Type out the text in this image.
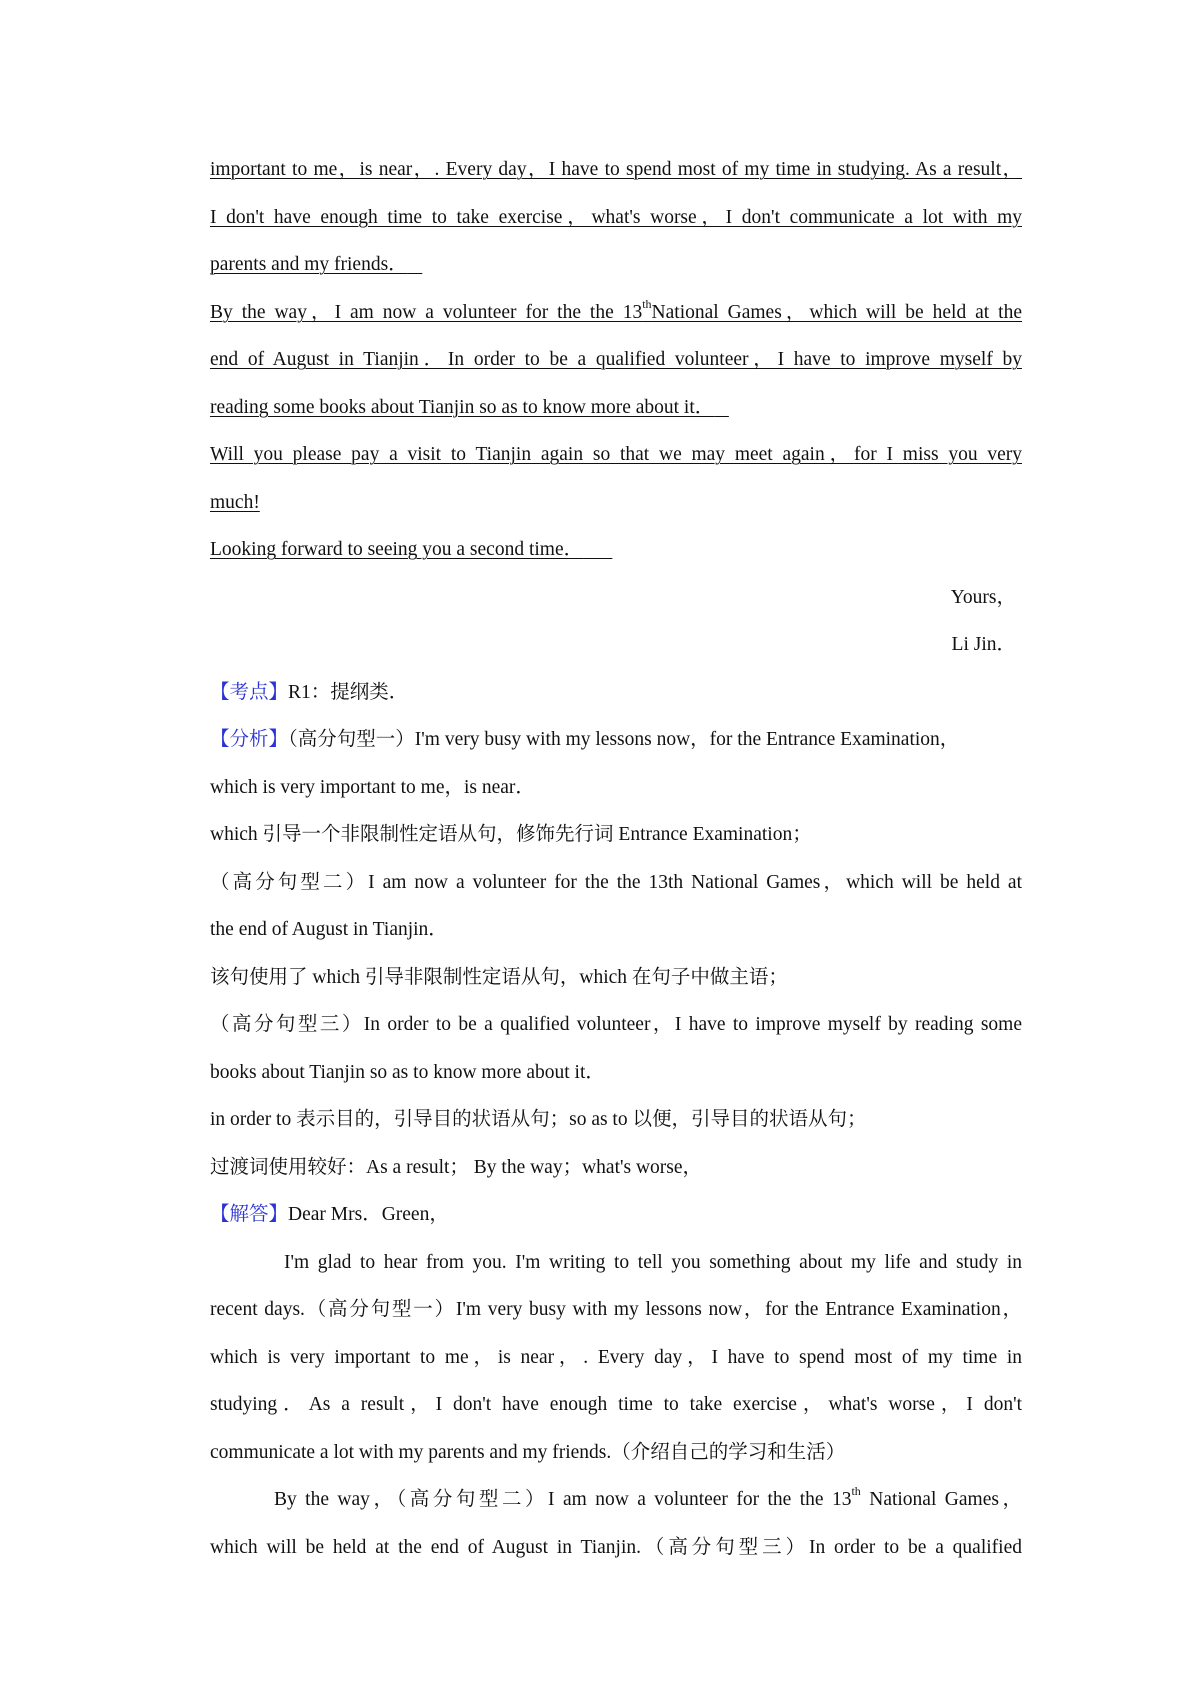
important to me，is near，. Every day，I have to spend most of my time in studying. As a result，
I don't have enough time to take exercise，what's worse，I don't communicate a lot with my
parents and my friends．
By the way，I am now a volunteer for the the 13thNational Games，which will be held at the
end of August in Tianjin．In order to be a qualified volunteer，I have to improve myself by
reading some books about Tianjin so as to know more about it．
Will you please pay a visit to Tianjin again so that we may meet again，for I miss you very
much!
Looking forward to seeing you a second time．
Yours，
Li Jin．
【考点】R1：提纲类．
【分析】（高分句型一）I'm very busy with my lessons now，for the Entrance Examination，
which is very important to me，is near．
which 引导一个非限制性定语从句，修饰先行词 Entrance Examination；
（高分句型二）I am now a volunteer for the the 13th National Games，which will be held at
the end of August in Tianjin．
该句使用了 which 引导非限制性定语从句，which 在句子中做主语；
（高分句型三）In order to be a qualified volunteer，I have to improve myself by reading some
books about Tianjin so as to know more about it．
in order to 表示目的，引导目的状语从句；so as to 以便，引导目的状语从句；
过渡词使用较好：As a result； By the way；what's worse，
【解答】Dear Mrs．Green，
I'm glad to hear from you. I'm writing to tell you something about my life and study in
recent days.（高分句型一）I'm very busy with my lessons now，for the Entrance Examination，
which is very important to me，is near，. Every day，I have to spend most of my time in
studying．As a result，I don't have enough time to take exercise，what's worse，I don't
communicate a lot with my parents and my friends.（介绍自己的学习和生活）
By the way，（高分句型二）I am now a volunteer for the the 13th National Games，
which will be held at the end of August in Tianjin.（高分句型三）In order to be a qualified
